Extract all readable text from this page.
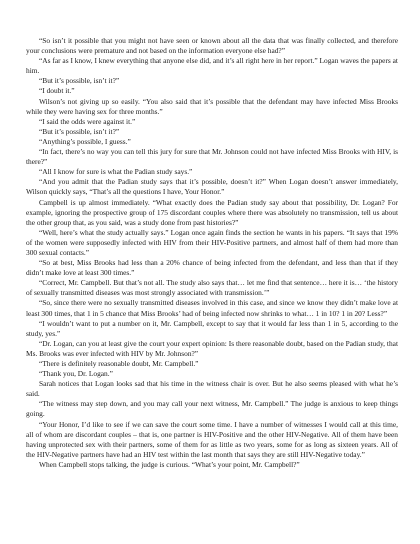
“So isn’t it possible that you might not have seen or known about all the data that was finally collected, and therefore your conclusions were premature and not based on the information everyone else had?”

“As far as I know, I knew everything that anyone else did, and it’s all right here in her report.” Logan waves the papers at him.

“But it’s possible, isn’t it?”

“I doubt it.”

Wilson’s not giving up so easily. “You also said that it’s possible that the defendant may have infected Miss Brooks while they were having sex for three months.”

“I said the odds were against it.”

“But it’s possible, isn’t it?”

“Anything’s possible, I guess.”

“In fact, there’s no way you can tell this jury for sure that Mr. Johnson could not have infected Miss Brooks with HIV, is there?”

“All I know for sure is what the Padian study says.”

“And you admit that the Padian study says that it’s possible, doesn’t it?” When Logan doesn’t answer immediately, Wilson quickly says, “That’s all the questions I have, Your Honor.”

Campbell is up almost immediately. “What exactly does the Padian study say about that possibility, Dr. Logan? For example, ignoring the prospective group of 175 discordant couples where there was absolutely no transmission, tell us about the other group that, as you said, was a study done from past histories?”

“Well, here’s what the study actually says.” Logan once again finds the section he wants in his papers. “It says that 19% of the women were supposedly infected with HIV from their HIV-Positive partners, and almost half of them had more than 300 sexual contacts.”

“So at best, Miss Brooks had less than a 20% chance of being infected from the defendant, and less than that if they didn’t make love at least 300 times.”

“Correct, Mr. Campbell. But that’s not all. The study also says that… let me find that sentence… here it is… ‘the history of sexually transmitted diseases was most strongly associated with transmission.’”

“So, since there were no sexually transmitted diseases involved in this case, and since we know they didn’t make love at least 300 times, that 1 in 5 chance that Miss Brooks’ had of being infected now shrinks to what… 1 in 10? 1 in 20? Less?”

“I wouldn’t want to put a number on it, Mr. Campbell, except to say that it would far less than 1 in 5, according to the study, yes.”

“Dr. Logan, can you at least give the court your expert opinion: Is there reasonable doubt, based on the Padian study, that Ms. Brooks was ever infected with HIV by Mr. Johnson?”

“There is definitely reasonable doubt, Mr. Campbell.”

“Thank you, Dr. Logan.”

Sarah notices that Logan looks sad that his time in the witness chair is over. But he also seems pleased with what he’s said.

“The witness may step down, and you may call your next witness, Mr. Campbell.” The judge is anxious to keep things going.

“Your Honor, I’d like to see if we can save the court some time. I have a number of witnesses I would call at this time, all of whom are discordant couples – that is, one partner is HIV-Positive and the other HIV-Negative. All of them have been having unprotected sex with their partners, some of them for as little as two years, some for as long as sixteen years. All of the HIV-Negative partners have had an HIV test within the last month that says they are still HIV-Negative today.”

When Campbell stops talking, the judge is curious. “What’s your point, Mr. Campbell?”
